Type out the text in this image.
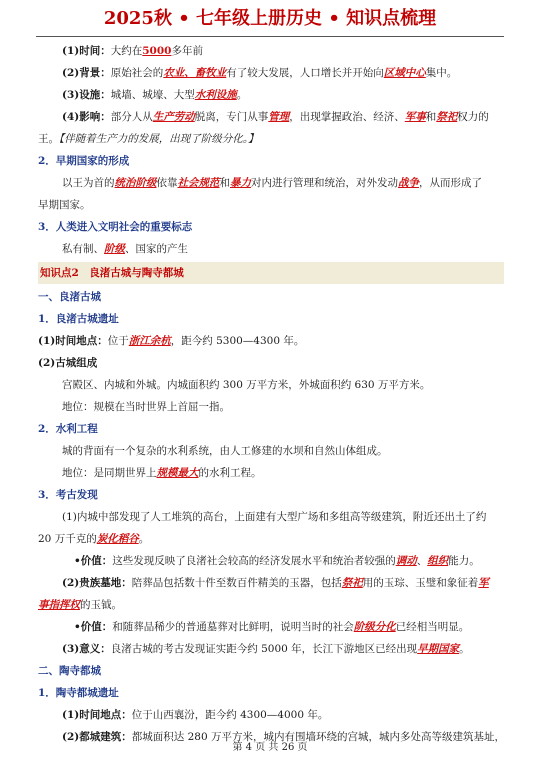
2025秋 • 七年级上册历史 • 知识点梳理
(1)时间：大约在5000多年前
(2)背景：原始社会的农业、畜牧业有了较大发展，人口增长并开始向区域中心集中。
(3)设施：城墙、城壕、大型水利设施。
(4)影响：部分人从生产劳动脱离，专门从事管理，出现掌握政治、经济、军事和祭祀权力的
王。【伴随着生产力的发展，出现了阶级分化。】
2．早期国家的形成
以王为首的统治阶级依靠社会规范和暴力对内进行管理和统治，对外发动战争，从而形成了
早期国家。
3．人类进入文明社会的重要标志
私有制、阶级、国家的产生
知识点2　良渚古城与陶寺都城
一、良渚古城
1．良渚古城遗址
(1)时间地点：位于浙江余杭，距今约 5300—4300 年。
(2)古城组成
宫殿区、内城和外城。内城面积约 300 万平方米，外城面积约 630 万平方米。
地位：规模在当时世界上首屈一指。
2．水利工程
城的背面有一个复杂的水利系统，由人工修建的水坝和自然山体组成。
地位：是同期世界上规模最大的水利工程。
3．考古发现
(1)内城中部发现了人工堆筑的高台，上面建有大型广场和多组高等级建筑，附近还出土了约
20 万千克的炭化稻谷。
•价值：这些发现反映了良渚社会较高的经济发展水平和统治者较强的调动、组织能力。
(2)贵族墓地：陪葬品包括数十件至数百件精美的玉器，包括祭祀用的玉琮、玉璧和象征着军
事指挥权的玉钺。
•价值：和随葬品稀少的普通墓葬对比鲜明，说明当时的社会阶级分化已经相当明显。
(3)意义：良渚古城的考古发现证实距今约 5000 年，长江下游地区已经出现早期国家。
二、陶寺都城
1．陶寺都城遗址
(1)时间地点：位于山西襄汾，距今约 4300—4000 年。
(2)都城建筑：都城面积达 280 万平方米，城内有围墙环绕的宫城，城内多处高等级建筑基址，
第 4 页 共 26 页
